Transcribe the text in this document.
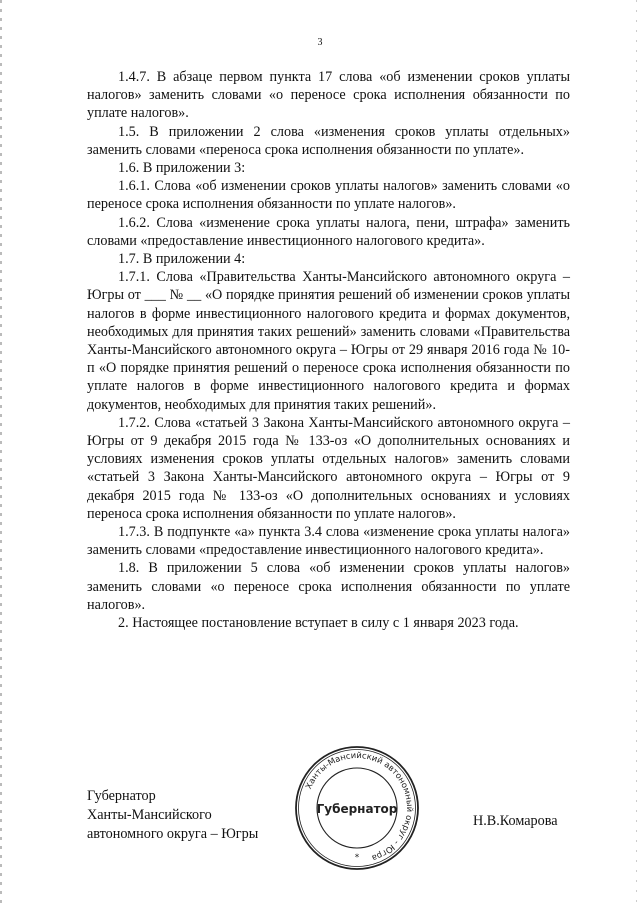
3

1.4.7. В абзаце первом пункта 17 слова «об изменении сроков уплаты налогов» заменить словами «о переносе срока исполнения обязанности по уплате налогов».

1.5. В приложении 2 слова «изменения сроков уплаты отдельных» заменить словами «переноса срока исполнения обязанности по уплате».

1.6. В приложении 3:

1.6.1. Слова «об изменении сроков уплаты налогов» заменить словами «о переносе срока исполнения обязанности по уплате налогов».

1.6.2. Слова «изменение срока уплаты налога, пени, штрафа» заменить словами «предоставление инвестиционного налогового кредита».

1.7. В приложении 4:

1.7.1. Слова «Правительства Ханты-Мансийского автономного округа – Югры от ___ № __ «О порядке принятия решений об изменении сроков уплаты налогов в форме инвестиционного налогового кредита и формах документов, необходимых для принятия таких решений» заменить словами «Правительства Ханты-Мансийского автономного округа – Югры от 29 января 2016 года № 10-п «О порядке принятия решений о переносе срока исполнения обязанности по уплате налогов в форме инвестиционного налогового кредита и формах документов, необходимых для принятия таких решений».

1.7.2. Слова «статьей 3 Закона Ханты-Мансийского автономного округа – Югры от 9 декабря 2015 года № 133-оз «О дополнительных основаниях и условиях изменения сроков уплаты отдельных налогов» заменить словами «статьей 3 Закона Ханты-Мансийского автономного округа – Югры от 9 декабря 2015 года № 133-оз «О дополнительных основаниях и условиях переноса срока исполнения обязанности по уплате налогов».

1.7.3. В подпункте «а» пункта 3.4 слова «изменение срока уплаты налога» заменить словами «предоставление инвестиционного налогового кредита».

1.8. В приложении 5 слова «об изменении сроков уплаты налогов» заменить словами «о переносе срока исполнения обязанности по уплате налогов».

2. Настоящее постановление вступает в силу с 1 января 2023 года.

Губернатор
Ханты-Мансийского
автономного округа – Югры
Ханты-Мансийский автономный округ - Югра
Губернатор
*
Н.В.Комарова
